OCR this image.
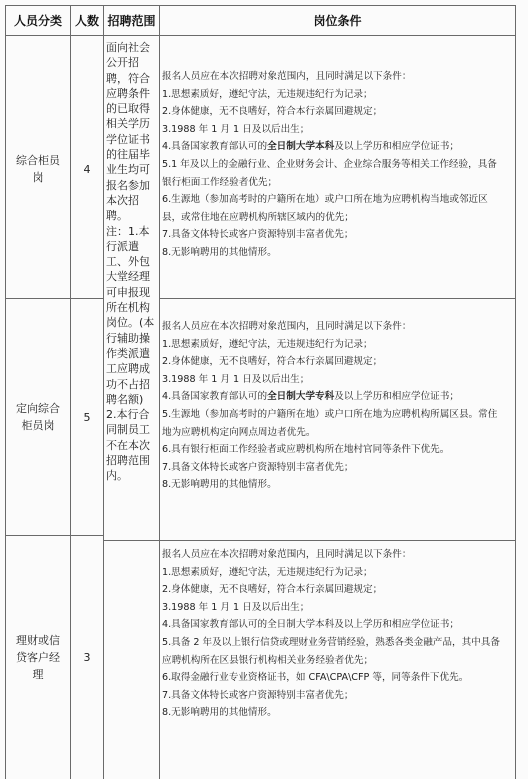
人员分类	人数 招聘范围	岗位条件
综合柜员岗
4
面向社会公开招聘，符合应聘条件的已取得相关学历学位证书的往届毕业生均可报名参加本次招聘。
注：1.本行派遣工、外包大堂经理可申报现所在机构岗位。(本行辅助操作类派遣工应聘成功不占招聘名额)
2.本行合同制员工不在本次招聘范围内。
报名人员应在本次招聘对象范围内，且同时满足以下条件：
1.思想素质好，遵纪守法，无违规违纪行为记录；
2.身体健康，无不良嗜好，符合本行亲属回避规定；
3.1988 年 1 月 1 日及以后出生；
4.具备国家教育部认可的全日制大学本科及以上学历和相应学位证书；
5.1 年及以上的金融行业、企业财务会计、企业综合服务等相关工作经验，具备银行柜面工作经验者优先；
6.生源地（参加高考时的户籍所在地）或户口所在地为应聘机构当地或邻近区县，或常住地在应聘机构所辖区域内的优先；
7.具备文体特长或客户资源特别丰富者优先；
8.无影响聘用的其他情形。
定向综合柜员岗
5
报名人员应在本次招聘对象范围内，且同时满足以下条件：
1.思想素质好，遵纪守法，无违规违纪行为记录；
2.身体健康，无不良嗜好，符合本行亲属回避规定；
3.1988 年 1 月 1 日及以后出生；
4.具备国家教育部认可的全日制大学专科及以上学历和相应学位证书；
5.生源地（参加高考时的户籍所在地）或户口所在地为应聘机构所属区县。常住地为应聘机构定向网点周边者优先。
6.具有银行柜面工作经验者或应聘机构所在地村官同等条件下优先。
7.具备文体特长或客户资源特别丰富者优先；
8.无影响聘用的其他情形。
理财或信贷客户经理
3
报名人员应在本次招聘对象范围内，且同时满足以下条件：
1.思想素质好，遵纪守法，无违规违纪行为记录；
2.身体健康，无不良嗜好，符合本行亲属回避规定；
3.1988 年 1 月 1 日及以后出生；
4.具备国家教育部认可的全日制大学本科及以上学历和相应学位证书；
5.具备 2 年及以上银行信贷或理财业务营销经验，熟悉各类金融产品，其中具备应聘机构所在区县银行机构相关业务经验者优先；
6.取得金融行业专业资格证书，如 CFA\CPA\CFP 等，同等条件下优先。
7.具备文体特长或客户资源特别丰富者优先；
8.无影响聘用的其他情形。
